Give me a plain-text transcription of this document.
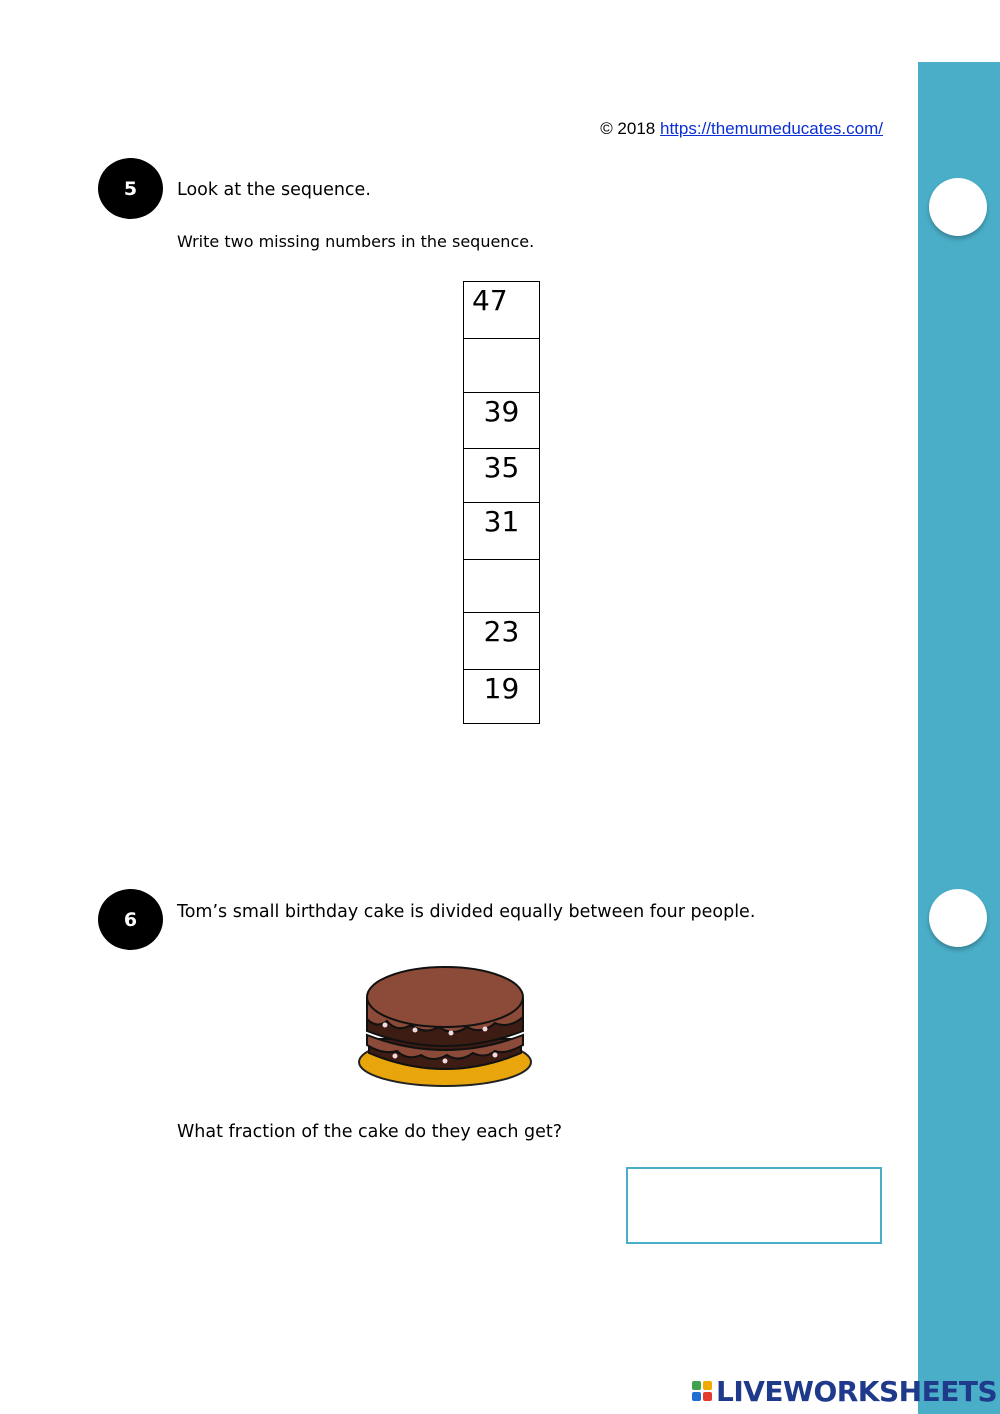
© 2018 https://themumeducates.com/
5	Look at the sequence.
Write two missing numbers in the sequence.
47
39
35
31
23
19
6	Tom’s small birthday cake is divided equally between four people.
What fraction of the cake do they each get?
LIVEWORKSHEETS
